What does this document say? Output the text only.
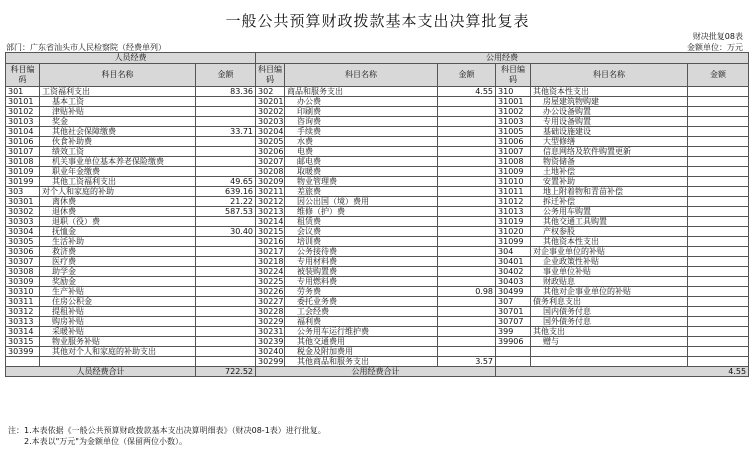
一般公共预算财政拨款基本支出决算批复表
财决批复08表
部门：广东省汕头市人民检察院（经费单列）	金额单位：万元
人员经费			公用经费					
科目编码	科目名称	金额	科目编码	科目名称	金额	科目编码	科目名称	金额
301	工资福利支出	83.36	302	商品和服务支出	4.55	310	其他资本性支出	
30101	基本工资		30201	办公费		31001	房屋建筑物购建	
30102	津贴补贴		30202	印刷费		31002	办公设备购置	
30103	奖金		30203	咨询费		31003	专用设备购置	
30104	其他社会保障缴费	33.71	30204	手续费		31005	基础设施建设	
30106	伙食补助费		30205	水费		31006	大型修缮	
30107	绩效工资		30206	电费		31007	信息网络及软件购置更新	
30108	机关事业单位基本养老保险缴费		30207	邮电费		31008	物资储备	
30109	职业年金缴费		30208	取暖费		31009	土地补偿	
30199	其他工资福利支出	49.65	30209	物业管理费		31010	安置补助	
303	对个人和家庭的补助	639.16	30211	差旅费		31011	地上附着物和青苗补偿	
30301	离休费	21.22	30212	因公出国（境）费用		31012	拆迁补偿	
30302	退休费	587.53	30213	维修（护）费		31013	公务用车购置	
30303	退职（役）费		30214	租赁费		31019	其他交通工具购置	
30304	抚恤金	30.40	30215	会议费		31020	产权参股	
30305	生活补助		30216	培训费		31099	其他资本性支出	
30306	救济费		30217	公务接待费		304	对企事业单位的补贴	
30307	医疗费		30218	专用材料费		30401	企业政策性补贴	
30308	助学金		30224	被装购置费		30402	事业单位补贴	
30309	奖励金		30225	专用燃料费		30403	财政贴息	
30310	生产补贴		30226	劳务费	0.98	30499	其他对企事业单位的补贴	
30311	住房公积金		30227	委托业务费		307	债务利息支出	
30312	提租补贴		30228	工会经费		30701	国内债务付息	
30313	购房补贴		30229	福利费		30707	国外债务付息	
30314	采暖补贴		30231	公务用车运行维护费		399	其他支出	
30315	物业服务补贴		30239	其他交通费用		39906	赠与	
30399	其他对个人和家庭的补助支出		30240	税金及附加费用				
			30299	其他商品和服务支出	3.57			
人员经费合计		722.52	公用经费合计			4.55		
注：1.本表依据《一般公共预算财政拨款基本支出决算明细表》（财决08-1表）进行批复。
2.本表以"万元"为金额单位（保留两位小数）。
